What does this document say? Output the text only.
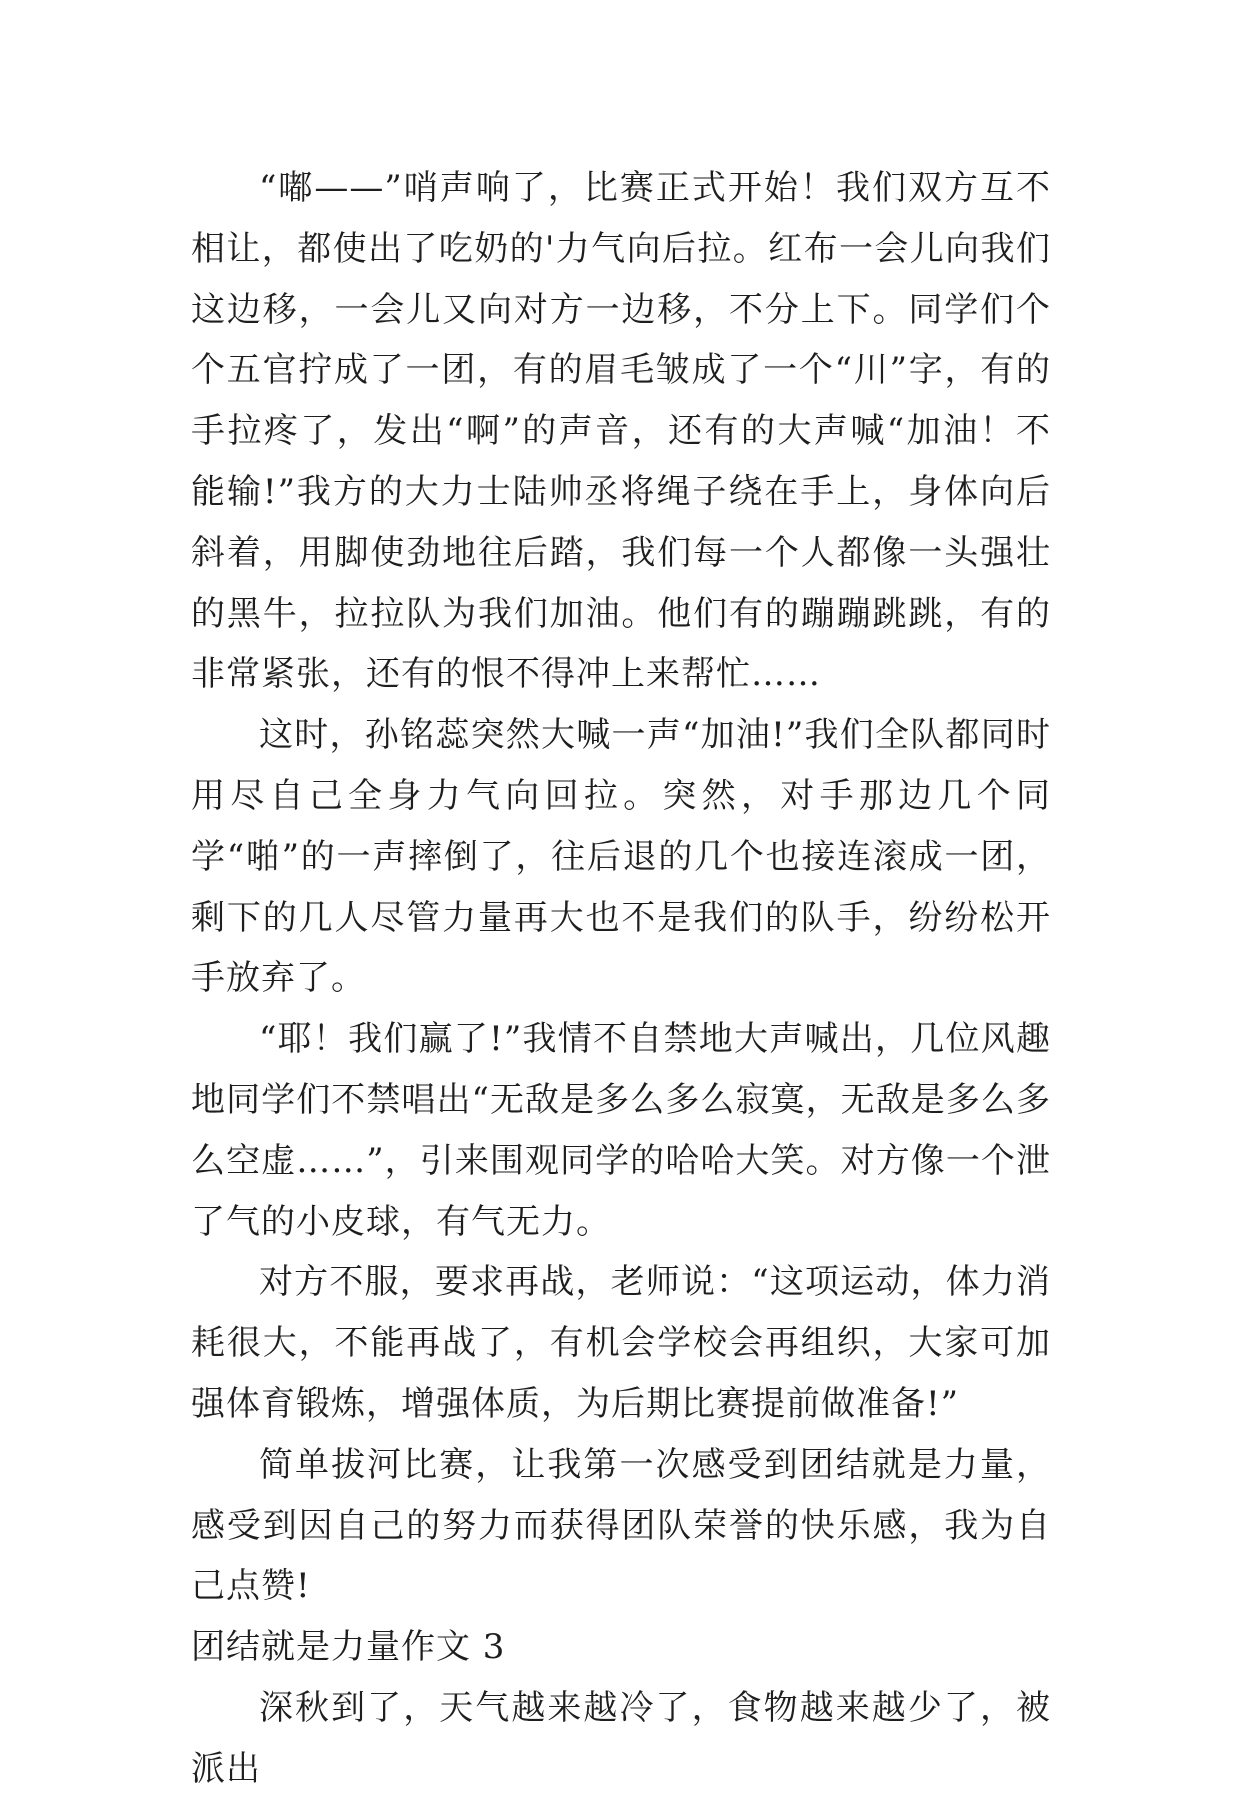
“嘟——”哨声响了，比赛正式开始！我们双方互不相让，都使出了吃奶的'力气向后拉。红布一会儿向我们这边移，一会儿又向对方一边移，不分上下。同学们个个五官拧成了一团，有的眉毛皱成了一个“川”字，有的手拉疼了，发出“啊”的声音，还有的大声喊“加油！不能输!”我方的大力士陆帅丞将绳子绕在手上，身体向后斜着，用脚使劲地往后踏，我们每一个人都像一头强壮的黑牛，拉拉队为我们加油。他们有的蹦蹦跳跳，有的非常紧张，还有的恨不得冲上来帮忙……

这时，孙铭蕊突然大喊一声“加油!”我们全队都同时用尽自己全身力气向回拉。突然，对手那边几个同学“啪”的一声摔倒了，往后退的几个也接连滚成一团，剩下的几人尽管力量再大也不是我们的队手，纷纷松开手放弃了。

“耶！我们赢了!”我情不自禁地大声喊出，几位风趣地同学们不禁唱出“无敌是多么多么寂寞，无敌是多么多么空虚……”，引来围观同学的哈哈大笑。对方像一个泄了气的小皮球，有气无力。

对方不服，要求再战，老师说：“这项运动，体力消耗很大，不能再战了，有机会学校会再组织，大家可加强体育锻炼，增强体质，为后期比赛提前做准备!”

简单拔河比赛，让我第一次感受到团结就是力量，感受到因自己的努力而获得团队荣誉的快乐感，我为自己点赞!

团结就是力量作文 3

深秋到了，天气越来越冷了，食物越来越少了，被派出
